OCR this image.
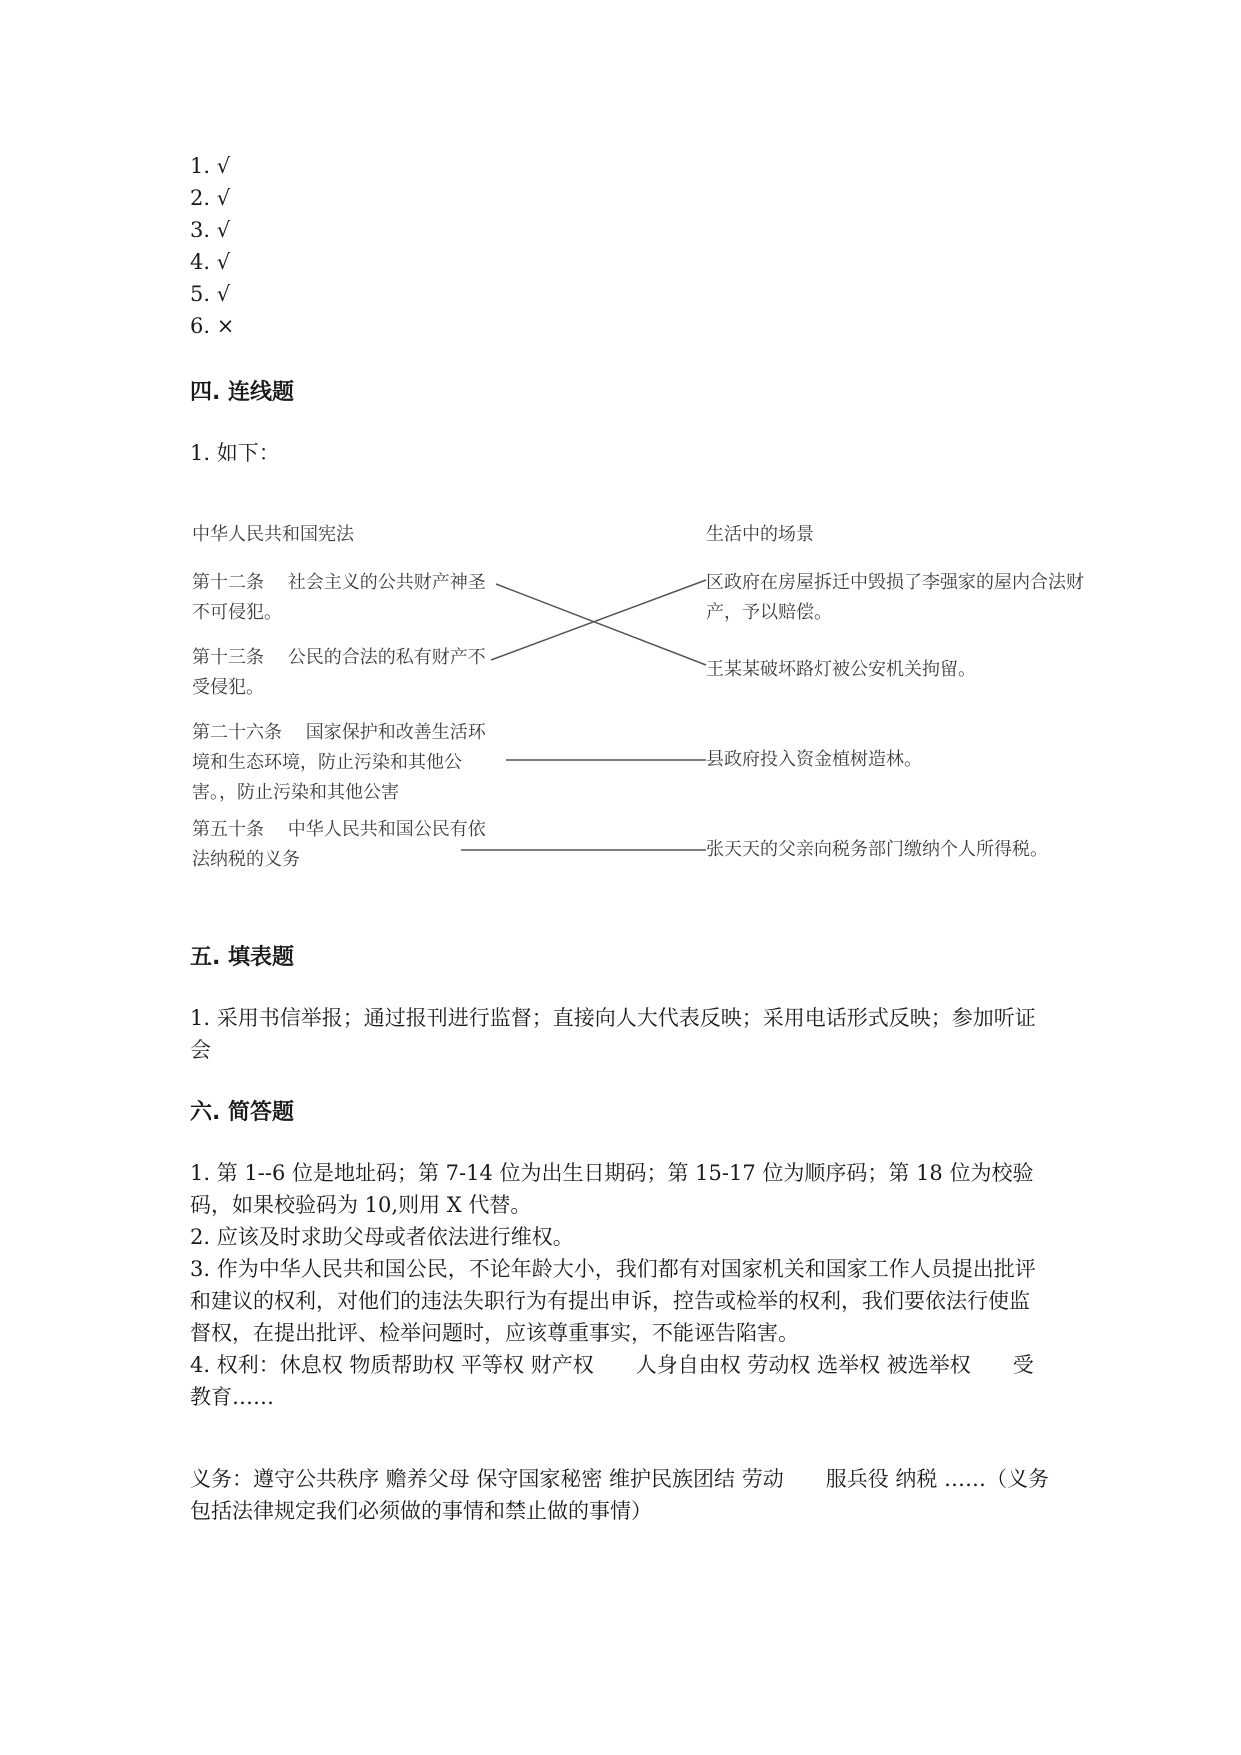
1. √
2. √
3. √
4. √
5. √
6. ×
四. 连线题
1. 如下：
中华人民共和国宪法	生活中的场景
第十二条　 社会主义的公共财产神圣不可侵犯。
第十三条　 公民的合法的私有财产不受侵犯。
第二十六条　 国家保护和改善生活环境和生态环境，防止污染和其他公害。，防止污染和其他公害
第五十条　 中华人民共和国公民有依法纳税的义务
区政府在房屋拆迁中毁损了李强家的屋内合法财产，予以赔偿。
王某某破坏路灯被公安机关拘留。
县政府投入资金植树造林。
张天天的父亲向税务部门缴纳个人所得税。
五. 填表题
1. 采用书信举报；通过报刊进行监督；直接向人大代表反映；采用电话形式反映；参加听证会
六. 简答题

1. 第 1--6 位是地址码；第 7-14 位为出生日期码；第 15-17 位为顺序码；第 18 位为校验码，如果校验码为 10,则用 X 代替。

2. 应该及时求助父母或者依法进行维权。

3. 作为中华人民共和国公民，不论年龄大小，我们都有对国家机关和国家工作人员提出批评和建议的权利，对他们的违法失职行为有提出申诉，控告或检举的权利，我们要依法行使监督权，在提出批评、检举问题时，应该尊重事实，不能诬告陷害。

4. 权利：休息权 物质帮助权 平等权 财产权　　人身自由权 劳动权 选举权 被选举权　　受教育……

义务：遵守公共秩序 赡养父母 保守国家秘密 维护民族团结 劳动　　服兵役 纳税 ……（义务包括法律规定我们必须做的事情和禁止做的事情）
